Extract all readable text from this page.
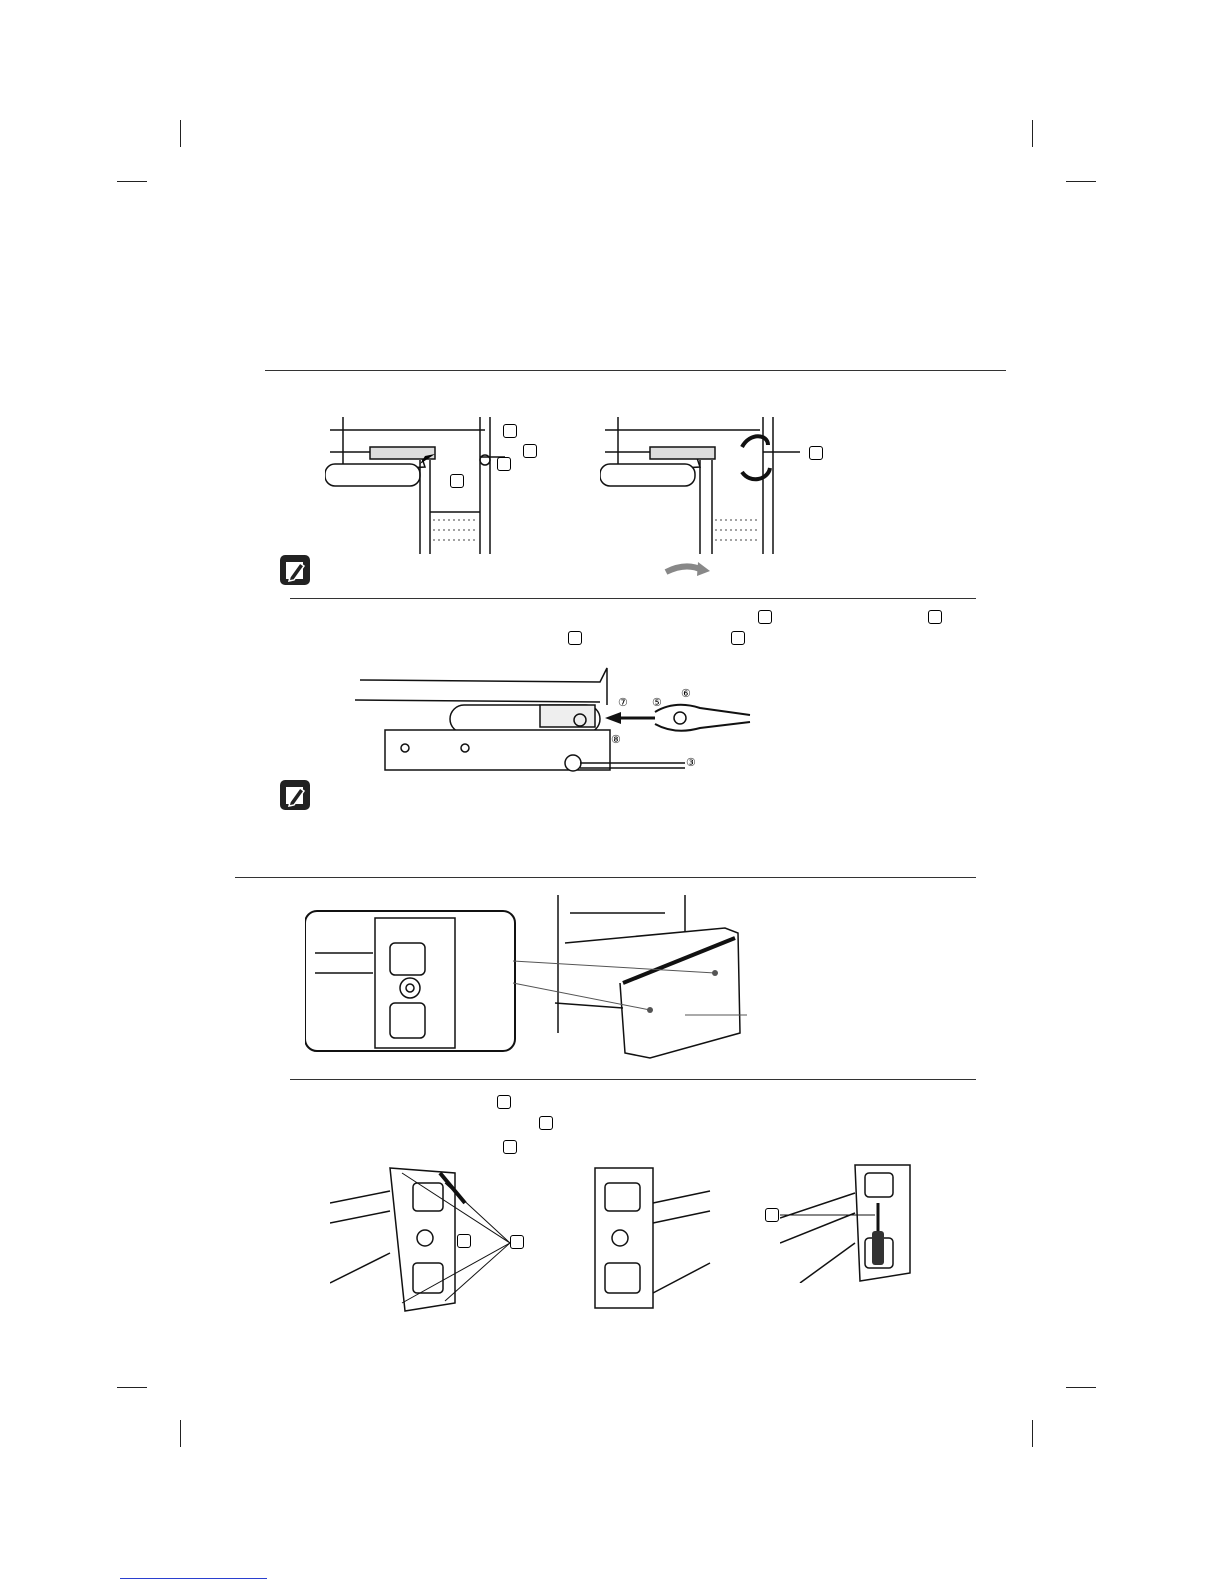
⑦ ⑤
⑥
⑧
③
